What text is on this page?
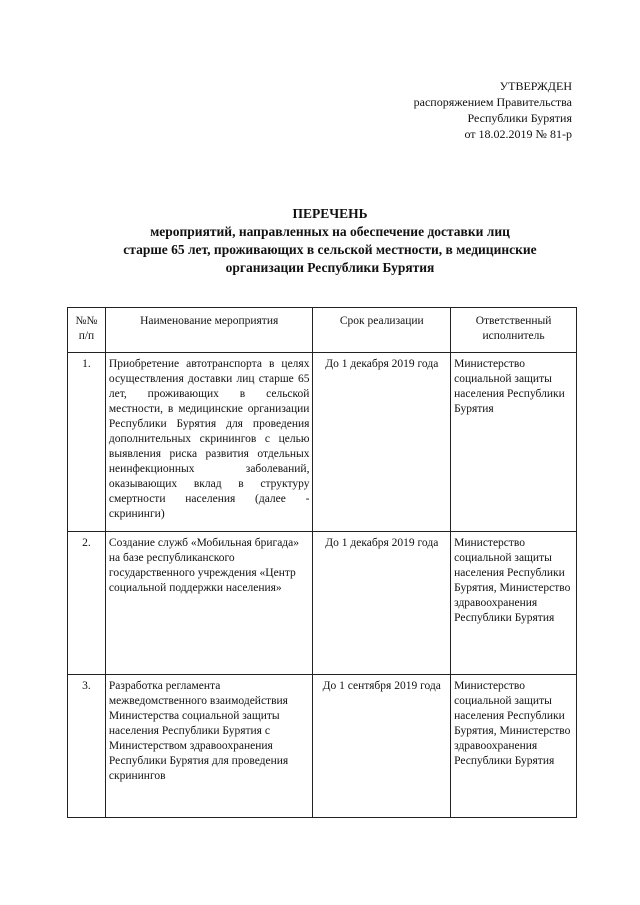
УТВЕРЖДЕН
распоряжением Правительства
Республики Бурятия
от 18.02.2019 № 81-р
ПЕРЕЧЕНЬ
мероприятий, направленных на обеспечение доставки лиц
старше 65 лет, проживающих в сельской местности, в медицинские
организации Республики Бурятия
№№ п/п	Наименование мероприятия	Срок реализации	Ответственный исполнитель
1.	Приобретение автотранспорта в целях осуществления доставки лиц старше 65 лет, проживающих в сельской местности, в медицинские организации Республики Бурятия для проведения дополнительных скринингов с целью выявления риска развития отдельных неинфекционных заболеваний, оказывающих вклад в структуру смертности населения (далее - скрининги)	До 1 декабря 2019 года	Министерство социальной защиты населения Республики Бурятия
2.	Создание служб «Мобильная бригада» на базе республиканского государственного учреждения «Центр социальной поддержки населения»	До 1 декабря 2019 года	Министерство социальной защиты населения Республики Бурятия, Министерство здравоохранения Республики Бурятия
3.	Разработка регламента межведомственного взаимодействия Министерства социальной защиты населения Республики Бурятия с Министерством здравоохранения Республики Бурятия для проведения скринингов	До 1 сентября 2019 года	Министерство социальной защиты населения Республики Бурятия, Министерство здравоохранения Республики Бурятия
